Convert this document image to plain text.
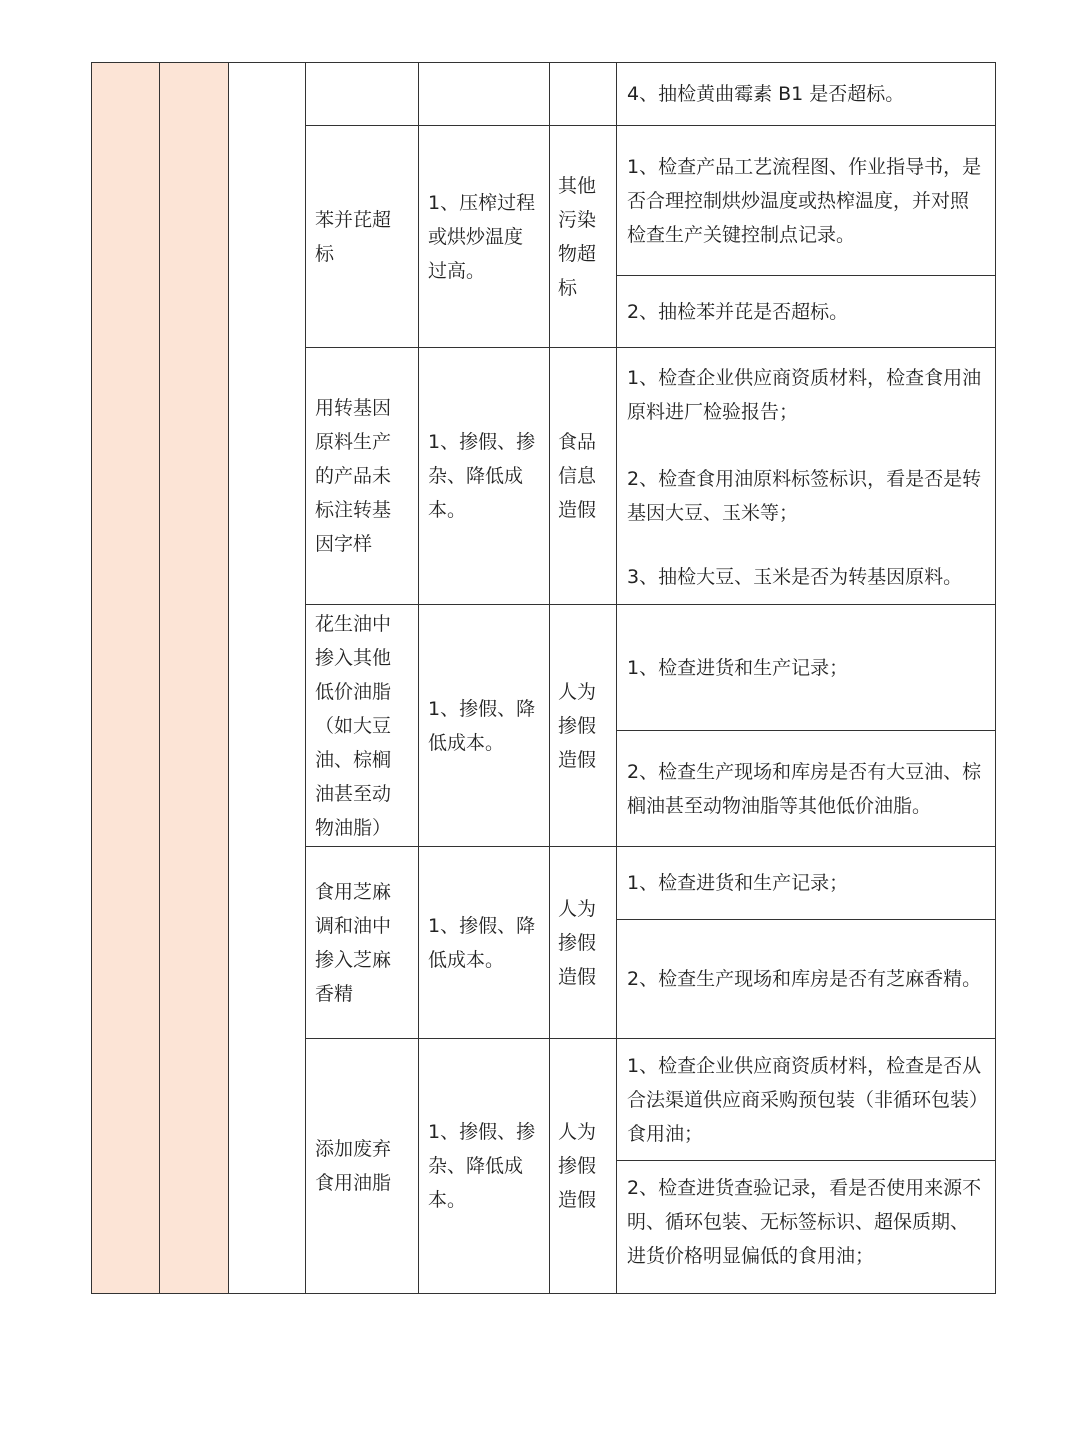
						4、抽检黄曲霉素 B1 是否超标。
			苯并芘超标	1、压榨过程或烘炒温度过高。	其他污染物超标	1、检查产品工艺流程图、作业指导书，是否合理控制烘炒温度或热榨温度，并对照检查生产关键控制点记录。
						2、抽检苯并芘是否超标。
			用转基因原料生产的产品未标注转基因字样	1、掺假、掺杂、降低成本。	食品信息造假	1、检查企业供应商资质材料，检查食用油原料进厂检验报告；
						2、检查食用油原料标签标识，看是否是转基因大豆、玉米等；
						3、抽检大豆、玉米是否为转基因原料。
			花生油中掺入其他低价油脂（如大豆油、棕榈油甚至动物油脂）	1、掺假、降低成本。	人为掺假造假	1、检查进货和生产记录；
						2、检查生产现场和库房是否有大豆油、棕榈油甚至动物油脂等其他低价油脂。
			食用芝麻调和油中掺入芝麻香精	1、掺假、降低成本。	人为掺假造假	1、检查进货和生产记录；
						2、检查生产现场和库房是否有芝麻香精。
			添加废弃食用油脂	1、掺假、掺杂、降低成本。	人为掺假造假	1、检查企业供应商资质材料，检查是否从合法渠道供应商采购预包装（非循环包装）食用油；
						2、检查进货查验记录，看是否使用来源不明、循环包装、无标签标识、超保质期、进货价格明显偏低的食用油；
